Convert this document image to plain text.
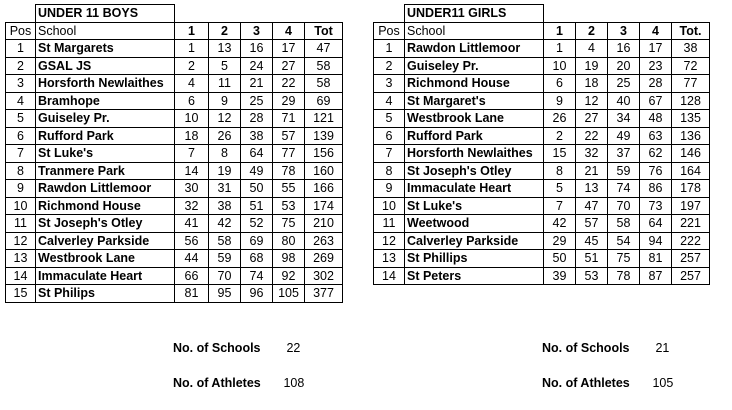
	UNDER 11 BOYS					
Pos	School	1	2	3	4	Tot
1	St Margarets	1	13	16	17	47
2	GSAL JS	2	5	24	27	58
3	Horsforth Newlaithes	4	11	21	22	58
4	Bramhope	6	9	25	29	69
5	Guiseley Pr.	10	12	28	71	121
6	Rufford Park	18	26	38	57	139
7	St Luke's	7	8	64	77	156
8	Tranmere Park	14	19	49	78	160
9	Rawdon Littlemoor	30	31	50	55	166
10	Richmond House	32	38	51	53	174
11	St Joseph's Otley	41	42	52	75	210
12	Calverley Parkside	56	58	69	80	263
13	Westbrook Lane	44	59	68	98	269
14	Immaculate Heart	66	70	74	92	302
15	St Philips	81	95	96	105	377
	UNDER11 GIRLS					
Pos	School	1	2	3	4	Tot.
1	Rawdon Littlemoor	1	4	16	17	38
2	Guiseley Pr.	10	19	20	23	72
3	Richmond House	6	18	25	28	77
4	St Margaret's	9	12	40	67	128
5	Westbrook Lane	26	27	34	48	135
6	Rufford Park	2	22	49	63	136
7	Horsforth Newlaithes	15	32	37	62	146
8	St Joseph's Otley	8	21	59	76	164
9	Immaculate Heart	5	13	74	86	178
10	St Luke's	7	47	70	73	197
11	Weetwood	42	57	58	64	221
12	Calverley Parkside	29	45	54	94	222
13	St Phillips	50	51	75	81	257
14	St Peters	39	53	78	87	257
No. of Schools 22
No. of Athletes 108
No. of Schools 21
No. of Athletes 105
